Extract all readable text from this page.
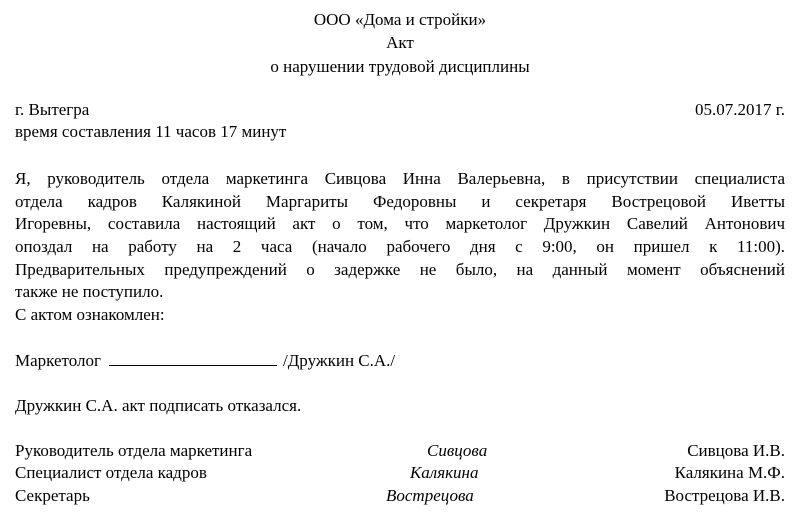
ООО «Дома и стройки»
Акт
о нарушении трудовой дисциплины
г. Вытегра	05.07.2017 г.
время составления 11 часов 17 минут
Я, руководитель отдела маркетинга Сивцова Инна Валерьевна, в присутствии специалиста
отдела кадров Калякиной Маргариты Федоровны и секретаря Вострецовой Иветты
Игоревны, составила настоящий акт о том, что маркетолог Дружкин Савелий Антонович
опоздал на работу на 2 часа (начало рабочего дня с 9:00, он пришел к 11:00).
Предварительных предупреждений о задержке не было, на данный момент объяснений
также не поступило.
С актом ознакомлен:
Маркетолог	/Дружкин С.А./
Дружкин С.А. акт подписать отказался.
Руководитель отдела маркетинга	Сивцова	Сивцова И.В.
Специалист отдела кадров	Калякина	Калякина М.Ф.
Секретарь	Вострецова	Вострецова И.В.
